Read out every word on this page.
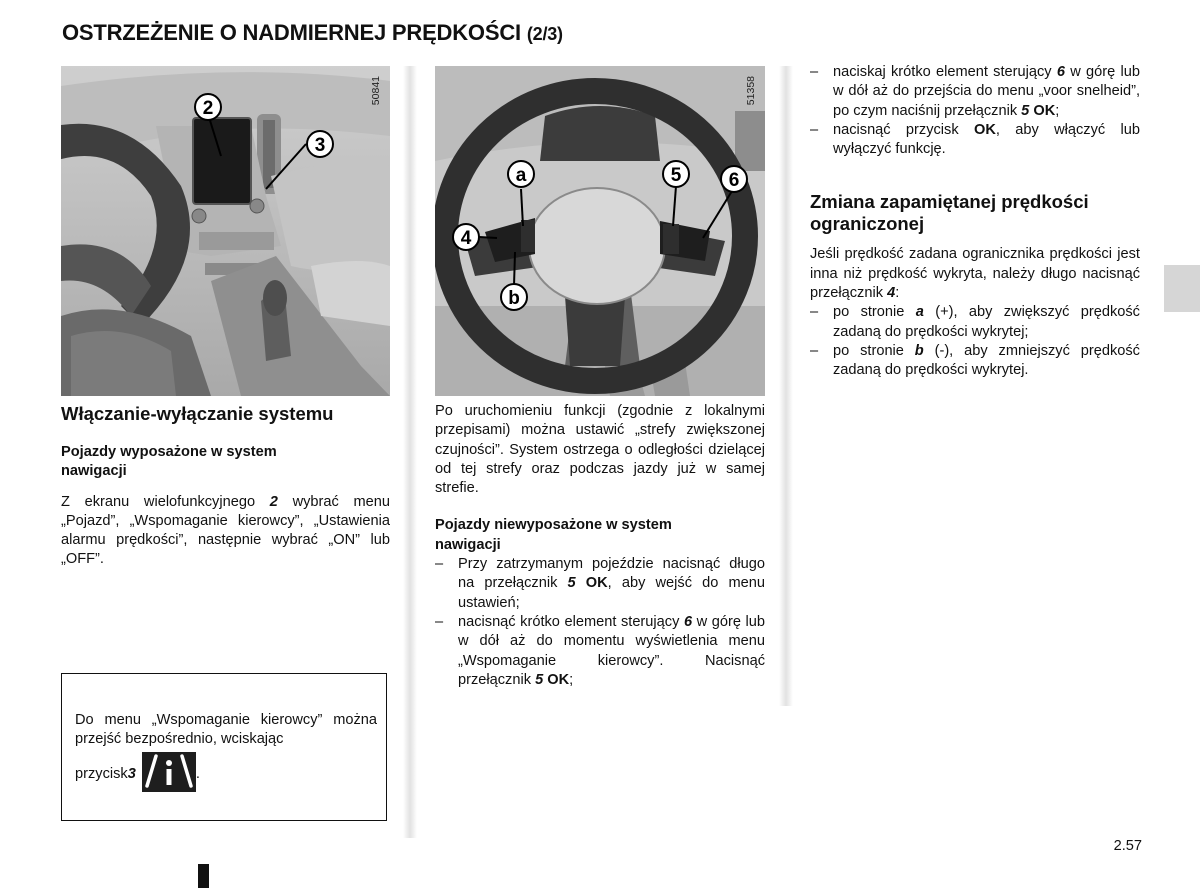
OSTRZEŻENIE O NADMIERNEJ PRĘDKOŚCI (2/3)
2
3
50841
a	5 6
4
b
51358

Włączanie-wyłączanie systemu

Pojazdy wyposażone w system nawigacji

Z ekranu wielofunkcyjnego 2 wybrać menu „Pojazd”, „Wspomaganie kierowcy”, „Ustawienia alarmu prędkości”, następnie wybrać „ON” lub „OFF”.

Do menu „Wspomaganie kierowcy” można przejść bezpośrednio, wciskając

przycisk 3	.

Po uruchomieniu funkcji (zgodnie z lokalnymi przepisami) można ustawić „strefy zwiększonej czujności”. System ostrzega o odległości dzielącej od tej strefy oraz podczas jazdy już w samej strefie.

Pojazdy niewyposażone w system nawigacji

– Przy zatrzymanym pojeździe nacisnąć długo na przełącznik 5 OK, aby wejść do menu ustawień;
– nacisnąć krótko element sterujący 6 w górę lub w dół aż do momentu wyświetlenia menu „Wspomaganie kierowcy”. Nacisnąć przełącznik 5 OK;
– naciskaj krótko element sterujący 6 w górę lub w dół aż do przejścia do menu „voor snelheid”, po czym naciśnij przełącznik 5 OK;
– nacisnąć przycisk OK, aby włączyć lub wyłączyć funkcję.

Zmiana zapamiętanej prędkości ograniczonej

Jeśli prędkość zadana ogranicznika prędkości jest inna niż prędkość wykryta, należy długo nacisnąć przełącznik 4:

– po stronie a (+), aby zwiększyć prędkość zadaną do prędkości wykrytej;
– po stronie b (-), aby zmniejszyć prędkość zadaną do prędkości wykrytej.
2.57
